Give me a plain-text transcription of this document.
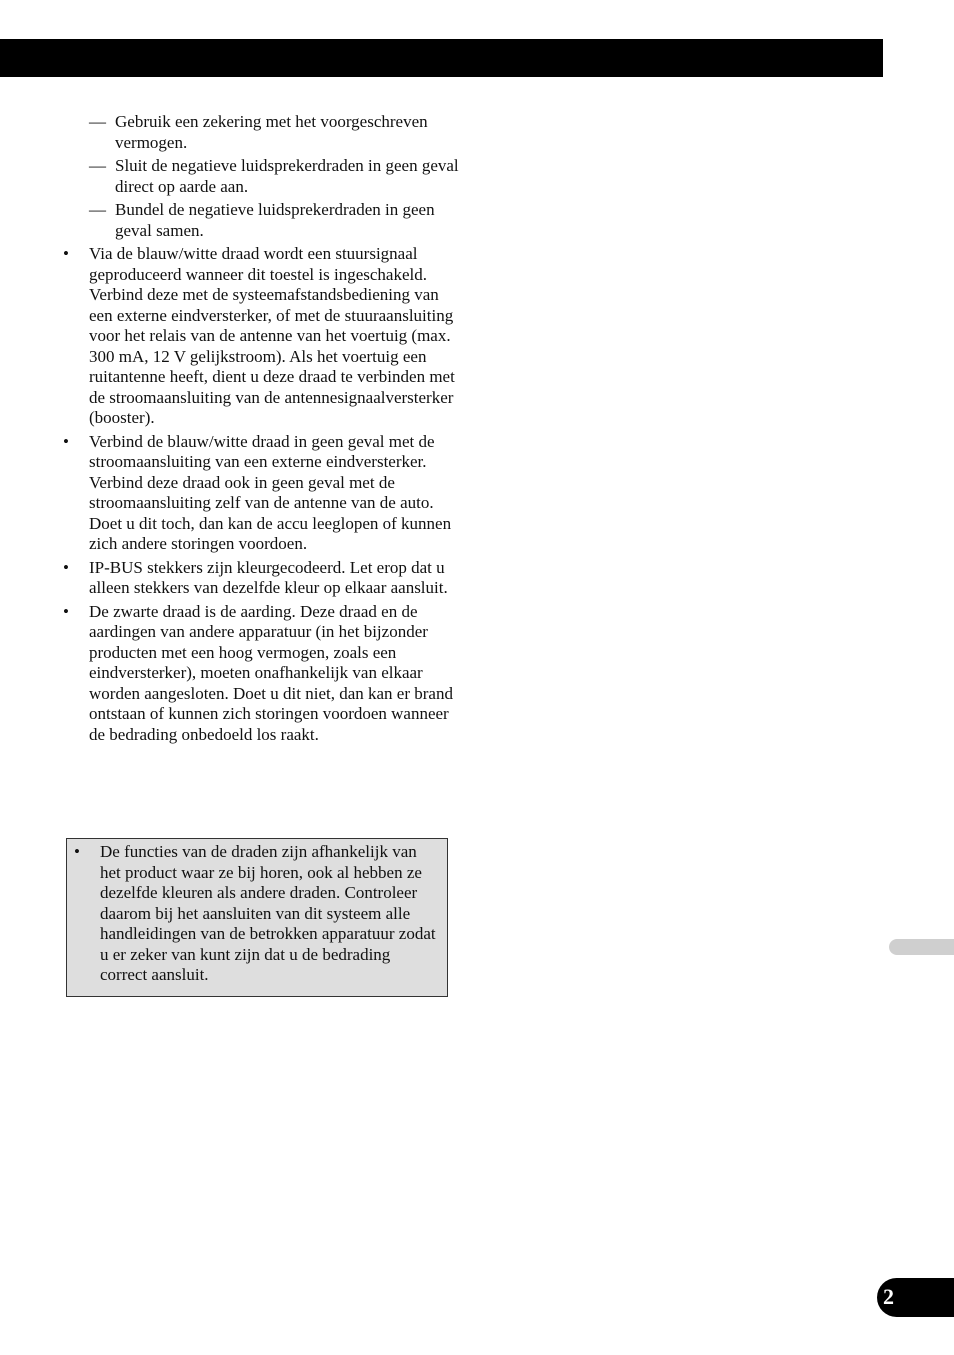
— Gebruik een zekering met het voorgeschreven vermogen.
— Sluit de negatieve luidsprekerdraden in geen geval direct op aarde aan.
— Bundel de negatieve luidsprekerdraden in geen geval samen.
• Via de blauw/witte draad wordt een stuursignaal geproduceerd wanneer dit toestel is ingeschakeld. Verbind deze met de systeemafstandsbediening van een externe eindversterker, of met de stuuraansluiting voor het relais van de antenne van het voertuig (max. 300 mA, 12 V gelijkstroom). Als het voertuig een ruitantenne heeft, dient u deze draad te verbinden met de stroomaansluiting van de antennesignaalversterker (booster).
• Verbind de blauw/witte draad in geen geval met de stroomaansluiting van een externe eindversterker. Verbind deze draad ook in geen geval met de stroomaansluiting zelf van de antenne van de auto. Doet u dit toch, dan kan de accu leeglopen of kunnen zich andere storingen voordoen.
• IP-BUS stekkers zijn kleurgecodeerd. Let erop dat u alleen stekkers van dezelfde kleur op elkaar aansluit.
• De zwarte draad is de aarding. Deze draad en de aardingen van andere apparatuur (in het bijzonder producten met een hoog vermogen, zoals een eindversterker), moeten onafhankelijk van elkaar worden aangesloten. Doet u dit niet, dan kan er brand ontstaan of kunnen zich storingen voordoen wanneer de bedrading onbedoeld los raakt.
• De functies van de draden zijn afhankelijk van het product waar ze bij horen, ook al hebben ze dezelfde kleuren als andere draden. Controleer daarom bij het aansluiten van dit systeem alle handleidingen van de betrokken apparatuur zodat u er zeker van kunt zijn dat u de bedrading correct aansluit.
2
